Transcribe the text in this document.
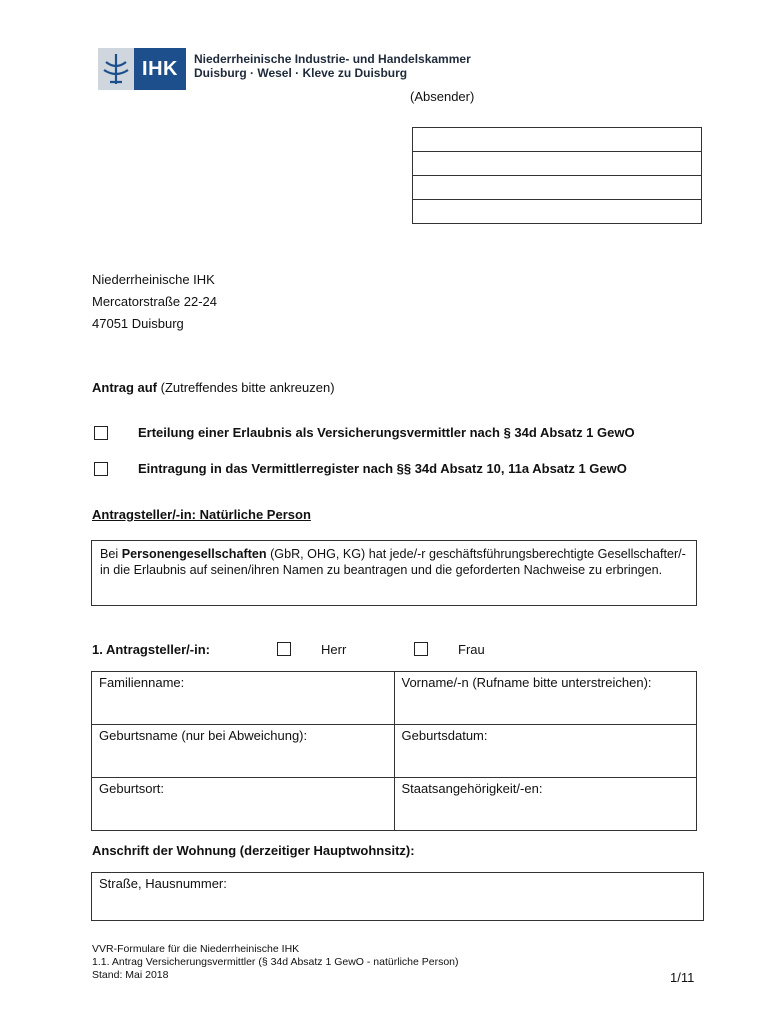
IHK	Niederrheinische Industrie- und Handelskammer
Duisburg · Wesel · Kleve zu Duisburg
(Absender)
Niederrheinische IHK
Mercatorstraße 22-24
47051 Duisburg
Antrag auf (Zutreffendes bitte ankreuzen)
Erteilung einer Erlaubnis als Versicherungsvermittler nach § 34d Absatz 1 GewO
Eintragung in das Vermittlerregister nach §§ 34d Absatz 10, 11a Absatz 1 GewO
Antragsteller/-in: Natürliche Person
Bei Personengesellschaften (GbR, OHG, KG) hat jede/-r geschäftsführungsberechtigte Gesellschafter/-in die Erlaubnis auf seinen/ihren Namen zu beantragen und die geforderten Nachweise zu erbringen.
1. Antragsteller/-in:	Herr	Frau
Familienname:	Vorname/-n (Rufname bitte unterstreichen):
Geburtsname (nur bei Abweichung):	Geburtsdatum:
Geburtsort:	Staatsangehörigkeit/-en:
Anschrift der Wohnung (derzeitiger Hauptwohnsitz):
Straße, Hausnummer:
VVR-Formulare für die Niederrheinische IHK
1.1. Antrag Versicherungsvermittler (§ 34d Absatz 1 GewO - natürliche Person)
Stand: Mai 2018	1/11
